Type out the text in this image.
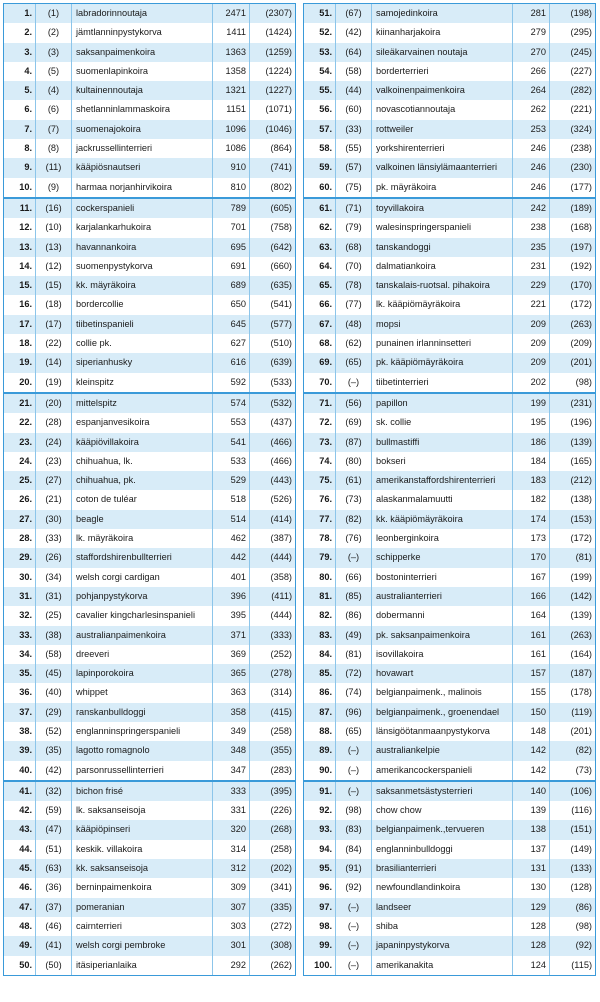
1.	(1)	labradorinnoutaja	2471	(2307)
2.	(2)	jämtlanninpystykorva	1411	(1424)
3.	(3)	saksanpaimenkoira	1363	(1259)
4.	(5)	suomenlapinkoira	1358	(1224)
5.	(4)	kultainennoutaja	1321	(1227)
6.	(6)	shetlanninlammaskoira	1151	(1071)
7.	(7)	suomenajokoira	1096	(1046)
8.	(8)	jackrussellinterrieri	1086	(864)
9.	(11)	kääpiösnautseri	910	(741)
10.	(9)	harmaa norjanhirvikoira	810	(802)
11.	(16)	cockerspanieli	789	(605)
12.	(10)	karjalankarhukoira	701	(758)
13.	(13)	havannankoira	695	(642)
14.	(12)	suomenpystykorva	691	(660)
15.	(15)	kk. mäyräkoira	689	(635)
16.	(18)	bordercollie	650	(541)
17.	(17)	tiibetinspanieli	645	(577)
18.	(22)	collie pk.	627	(510)
19.	(14)	siperianhusky	616	(639)
20.	(19)	kleinspitz	592	(533)
21.	(20)	mittelspitz	574	(532)
22.	(28)	espanjanvesikoira	553	(437)
23.	(24)	kääpiövillakoira	541	(466)
24.	(23)	chihuahua, lk.	533	(466)
25.	(27)	chihuahua, pk.	529	(443)
26.	(21)	coton de tuléar	518	(526)
27.	(30)	beagle	514	(414)
28.	(33)	lk. mäyräkoira	462	(387)
29.	(26)	staffordshirenbullterrieri	442	(444)
30.	(34)	welsh corgi cardigan	401	(358)
31.	(31)	pohjanpystykorva	396	(411)
32.	(25)	cavalier kingcharlesinspanieli	395	(444)
33.	(38)	australianpaimenkoira	371	(333)
34.	(58)	dreeveri	369	(252)
35.	(45)	lapinporokoira	365	(278)
36.	(40)	whippet	363	(314)
37.	(29)	ranskanbulldoggi	358	(415)
38.	(52)	englanninspringerspanieli	349	(258)
39.	(35)	lagotto romagnolo	348	(355)
40.	(42)	parsonrussellinterrieri	347	(283)
41.	(32)	bichon frisé	333	(395)
42.	(59)	lk. saksanseisoja	331	(226)
43.	(47)	kääpiöpinseri	320	(268)
44.	(51)	keskik. villakoira	314	(258)
45.	(63)	kk. saksanseisoja	312	(202)
46.	(36)	berninpaimenkoira	309	(341)
47.	(37)	pomeranian	307	(335)
48.	(46)	cairnterrieri	303	(272)
49.	(41)	welsh corgi pembroke	301	(308)
50.	(50)	itäsiperianlaika	292	(262)
51.	(67)	samojedinkoira	281	(198)
52.	(42)	kiinanharjakoira	279	(295)
53.	(64)	sileäkarvainen noutaja	270	(245)
54.	(58)	borderterrieri	266	(227)
55.	(44)	valkoinenpaimenkoira	264	(282)
56.	(60)	novascotiannoutaja	262	(221)
57.	(33)	rottweiler	253	(324)
58.	(55)	yorkshirenterrieri	246	(238)
59.	(57)	valkoinen länsiylämaanterrieri	246	(230)
60.	(75)	pk. mäyräkoira	246	(177)
61.	(71)	toyvillakoira	242	(189)
62.	(79)	walesinspringerspanieli	238	(168)
63.	(68)	tanskandoggi	235	(197)
64.	(70)	dalmatiankoira	231	(192)
65.	(78)	tanskalais-ruotsal. pihakoira	229	(170)
66.	(77)	lk. kääpiömäyräkoira	221	(172)
67.	(48)	mopsi	209	(263)
68.	(62)	punainen irlanninsetteri	209	(209)
69.	(65)	pk. kääpiömäyräkoira	209	(201)
70.	(–)	tiibetinterrieri	202	(98)
71.	(56)	papillon	199	(231)
72.	(69)	sk. collie	195	(196)
73.	(87)	bullmastiffi	186	(139)
74.	(80)	bokseri	184	(165)
75.	(61)	amerikanstaffordshirenterrieri	183	(212)
76.	(73)	alaskanmalamuutti	182	(138)
77.	(82)	kk. kääpiömäyräkoira	174	(153)
78.	(76)	leonberginkoira	173	(172)
79.	(–)	schipperke	170	(81)
80.	(66)	bostoninterrieri	167	(199)
81.	(85)	australianterrieri	166	(142)
82.	(86)	dobermanni	164	(139)
83.	(49)	pk. saksanpaimenkoira	161	(263)
84.	(81)	isovillakoira	161	(164)
85.	(72)	hovawart	157	(187)
86.	(74)	belgianpaimenk., malinois	155	(178)
87.	(96)	belgianpaimenk., groenendael	150	(119)
88.	(65)	länsigöötanmaanpystykorva	148	(201)
89.	(–)	australiankelpie	142	(82)
90.	(–)	amerikancockerspanieli	142	(73)
91.	(–)	saksanmetsästysterrieri	140	(106)
92.	(98)	chow chow	139	(116)
93.	(83)	belgianpaimenk.,tervueren	138	(151)
94.	(84)	englanninbulldoggi	137	(149)
95.	(91)	brasilianterrieri	131	(133)
96.	(92)	newfoundlandinkoira	130	(128)
97.	(–)	landseer	129	(86)
98.	(–)	shiba	128	(98)
99.	(–)	japaninpystykorva	128	(92)
100.	(–)	amerikanakita	124	(115)
